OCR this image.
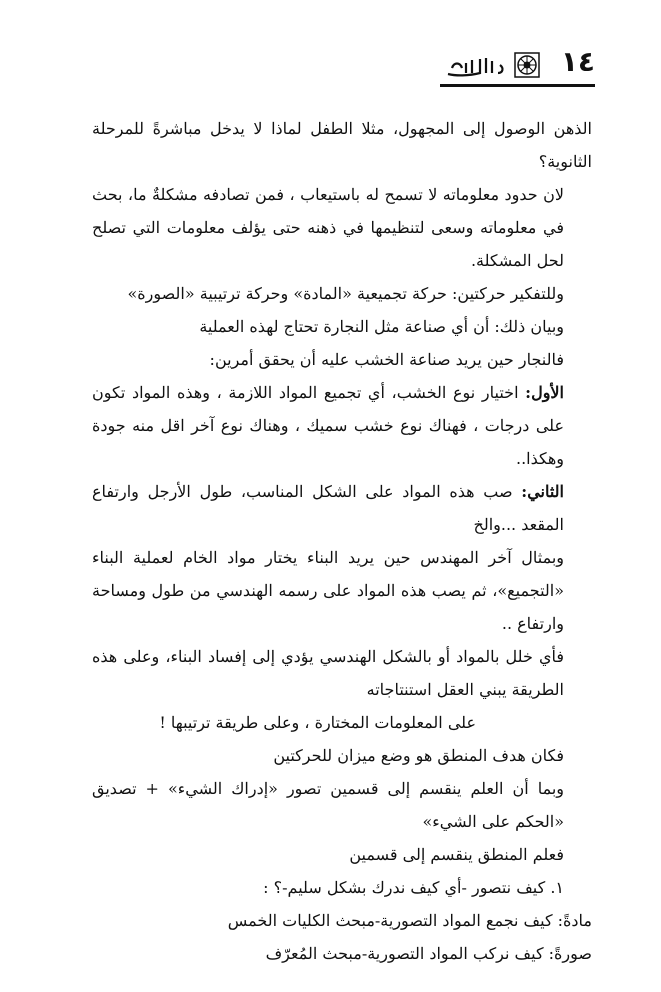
١٤

الذهن الوصول إلى المجهول، مثلا الطفل لماذا لا يدخل مباشرةً للمرحلة الثانوية؟

لان حدود معلوماته لا تسمح له باستيعاب ، فمن تصادفه مشكلةٌ ما، بحث في معلوماته وسعى لتنظيمها في ذهنه حتى يؤلف معلومات التي تصلح لحل المشكلة.

وللتفكير حركتين: حركة تجميعية «المادة» وحركة ترتيبية «الصورة»

وبيان ذلك: أن أي صناعة مثل النجارة تحتاج لهذه العملية

فالنجار حين يريد صناعة الخشب عليه أن يحقق أمرين:

الأول: اختيار نوع الخشب، أي تجميع المواد اللازمة ، وهذه المواد تكون على درجات ، فهناك نوع خشب سميك ، وهناك نوع آخر اقل منه جودة وهكذا..

الثاني: صب هذه المواد على الشكل المناسب، طول الأرجل وارتفاع المقعد ...والخ

وبمثال آخر المهندس حين يريد البناء يختار مواد الخام لعملية البناء «التجميع»، ثم يصب هذه المواد على رسمه الهندسي من طول ومساحة وارتفاع ..

فأي خلل بالمواد أو بالشكل الهندسي يؤدي إلى إفساد البناء، وعلى هذه الطريقة يبني العقل استنتاجاته

على المعلومات المختارة ، وعلى طريقة ترتيبها !

فكان هدف المنطق هو وضع ميزان للحركتين

وبما أن العلم ينقسم إلى قسمين تصور «إدراك الشيء» + تصديق «الحكم على الشيء»

فعلم المنطق ينقسم إلى قسمين

١. كيف نتصور -أي كيف ندرك بشكل سليم-؟ :

مادةً: كيف نجمع المواد التصورية-مبحث الكليات الخمس

صورةً: كيف نركب المواد التصورية-مبحث المُعرّف
